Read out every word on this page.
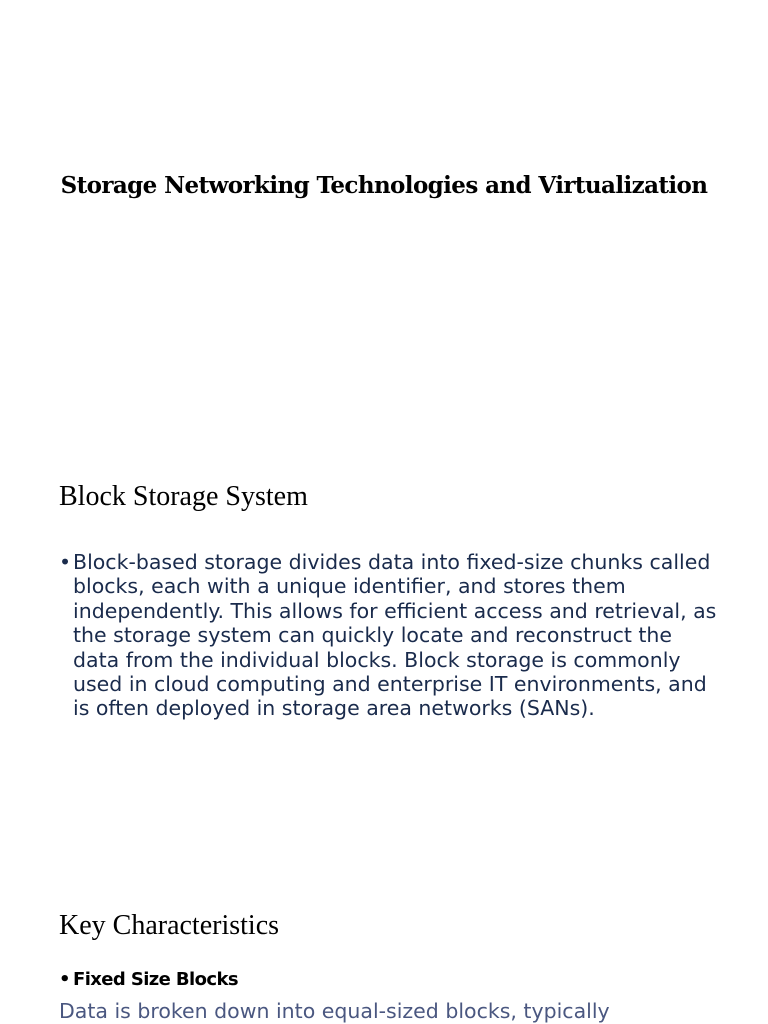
Storage Networking Technologies and Virtualization
Block Storage System
• Block-based storage divides data into fixed-size chunks called blocks, each with a unique identifier, and stores them independently. This allows for efficient access and retrieval, as the storage system can quickly locate and reconstruct the data from the individual blocks. Block storage is commonly used in cloud computing and enterprise IT environments, and is often deployed in storage area networks (SANs).
Key Characteristics
• Fixed Size Blocks

Data is broken down into equal-sized blocks, typically
